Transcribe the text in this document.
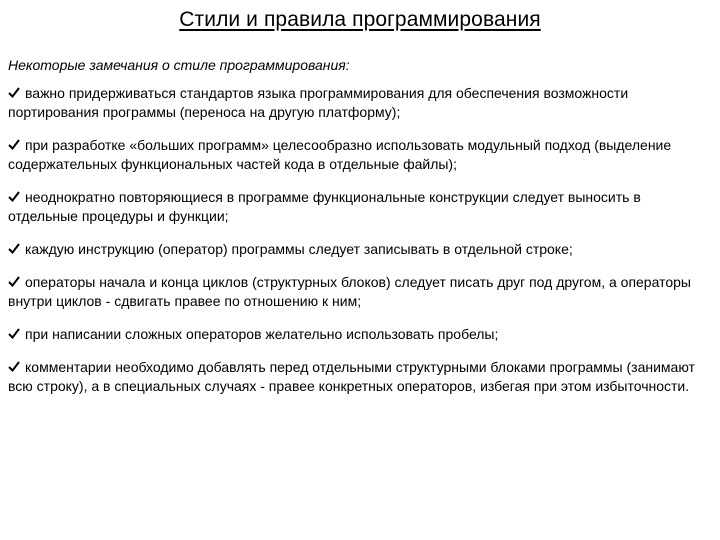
Стили и правила программирования
Некоторые замечания о стиле программирования:
важно придерживаться стандартов языка программирования для обеспечения возможности портирования программы (переноса на другую платформу);
при разработке «больших программ» целесообразно использовать модульный подход (выделение содержательных функциональных частей кода в отдельные файлы);
неоднократно повторяющиеся в программе функциональные конструкции следует выносить в отдельные процедуры и функции;
каждую инструкцию (оператор) программы следует записывать в отдельной строке;
операторы начала и конца циклов (структурных блоков) следует писать друг под другом, а операторы внутри циклов - сдвигать правее по отношению к ним;
при написании сложных операторов желательно использовать пробелы;
комментарии необходимо добавлять перед отдельными структурными блоками программы (занимают всю строку), а в специальных случаях - правее конкретных операторов, избегая при этом избыточности.
